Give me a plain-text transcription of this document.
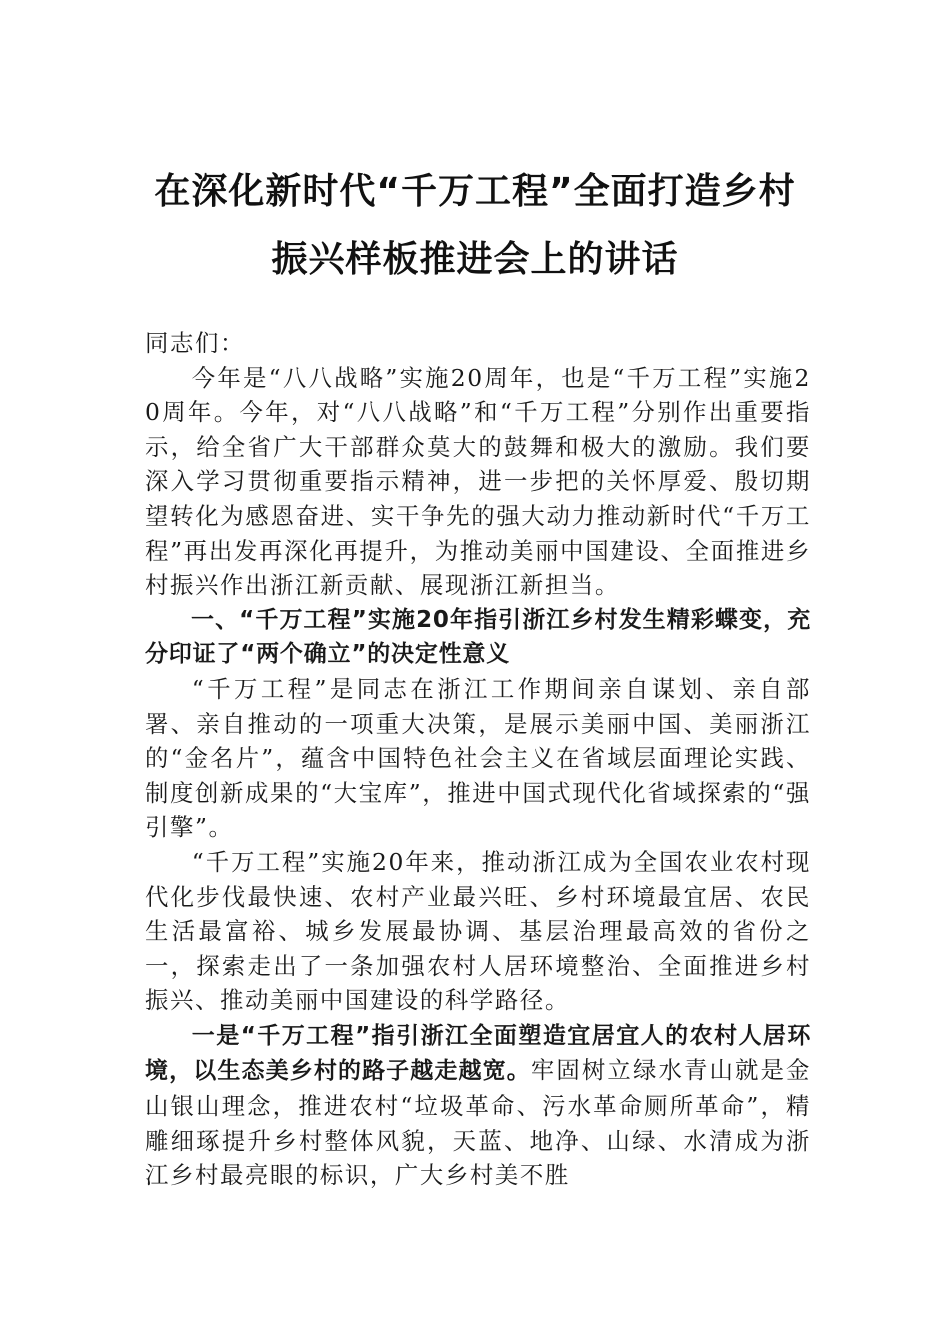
在深化新时代“千万工程”全面打造乡村
振兴样板推进会上的讲话

同志们：

今年是“八八战略”实施20周年，也是“千万工程”实施20周年。今年，对“八八战略”和“千万工程”分别作出重要指示，给全省广大干部群众莫大的鼓舞和极大的激励。我们要深入学习贯彻重要指示精神，进一步把的关怀厚爱、殷切期望转化为感恩奋进、实干争先的强大动力推动新时代“千万工程”再出发再深化再提升，为推动美丽中国建设、全面推进乡村振兴作出浙江新贡献、展现浙江新担当。

一、“千万工程”实施20年指引浙江乡村发生精彩蝶变，充分印证了“两个确立”的决定性意义

“千万工程”是同志在浙江工作期间亲自谋划、亲自部署、亲自推动的一项重大决策，是展示美丽中国、美丽浙江的“金名片”，蕴含中国特色社会主义在省域层面理论实践、制度创新成果的“大宝库”，推进中国式现代化省域探索的“强引擎”。

“千万工程”实施20年来，推动浙江成为全国农业农村现代化步伐最快速、农村产业最兴旺、乡村环境最宜居、农民生活最富裕、城乡发展最协调、基层治理最高效的省份之一，探索走出了一条加强农村人居环境整治、全面推进乡村振兴、推动美丽中国建设的科学路径。

一是“千万工程”指引浙江全面塑造宜居宜人的农村人居环境，以生态美乡村的路子越走越宽。牢固树立绿水青山就是金山银山理念，推进农村“垃圾革命、污水革命厕所革命”，精雕细琢提升乡村整体风貌，天蓝、地净、山绿、水清成为浙江乡村最亮眼的标识，广大乡村美不胜
